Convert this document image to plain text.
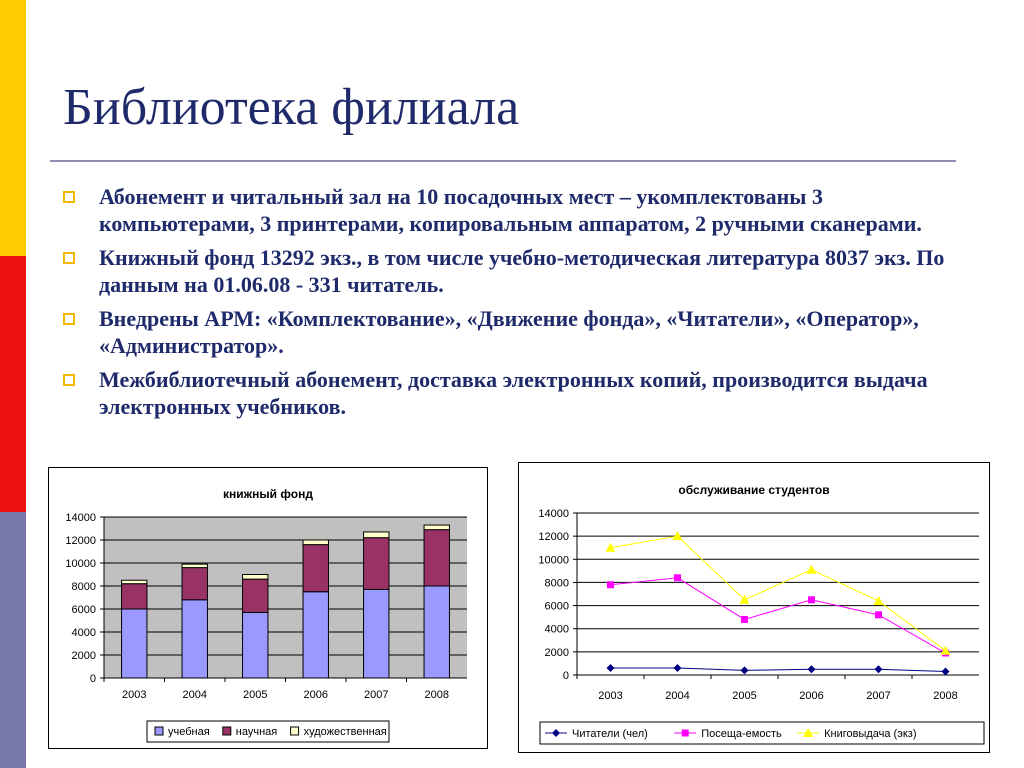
Библиотека филиала
Абонемент и читальный зал на 10 посадочных мест – укомплектованы 3 компьютерами, 3 принтерами, копировальным аппаратом, 2 ручными сканерами.
Книжный фонд 13292 экз., в том числе учебно-методическая литература 8037 экз. По данным на 01.06.08 - 331 читатель.
Внедрены АРМ: «Комплектование», «Движение фонда», «Читатели», «Оператор», «Администратор».
Межбиблиотечный абонемент, доставка электронных копий, производится выдача электронных учебников.
книжный фонд
0
2000
4000
6000
8000
10000
12000
14000
2003	2004	2005	2006	2007	2008
учебная научная художественная
обслуживание студентов
0
2000
4000
6000
8000
10000
12000
14000
2003	2004	2005	2006	2007	2008
Читатели (чел)	Посеща-емость	Книговыдача (экз)
